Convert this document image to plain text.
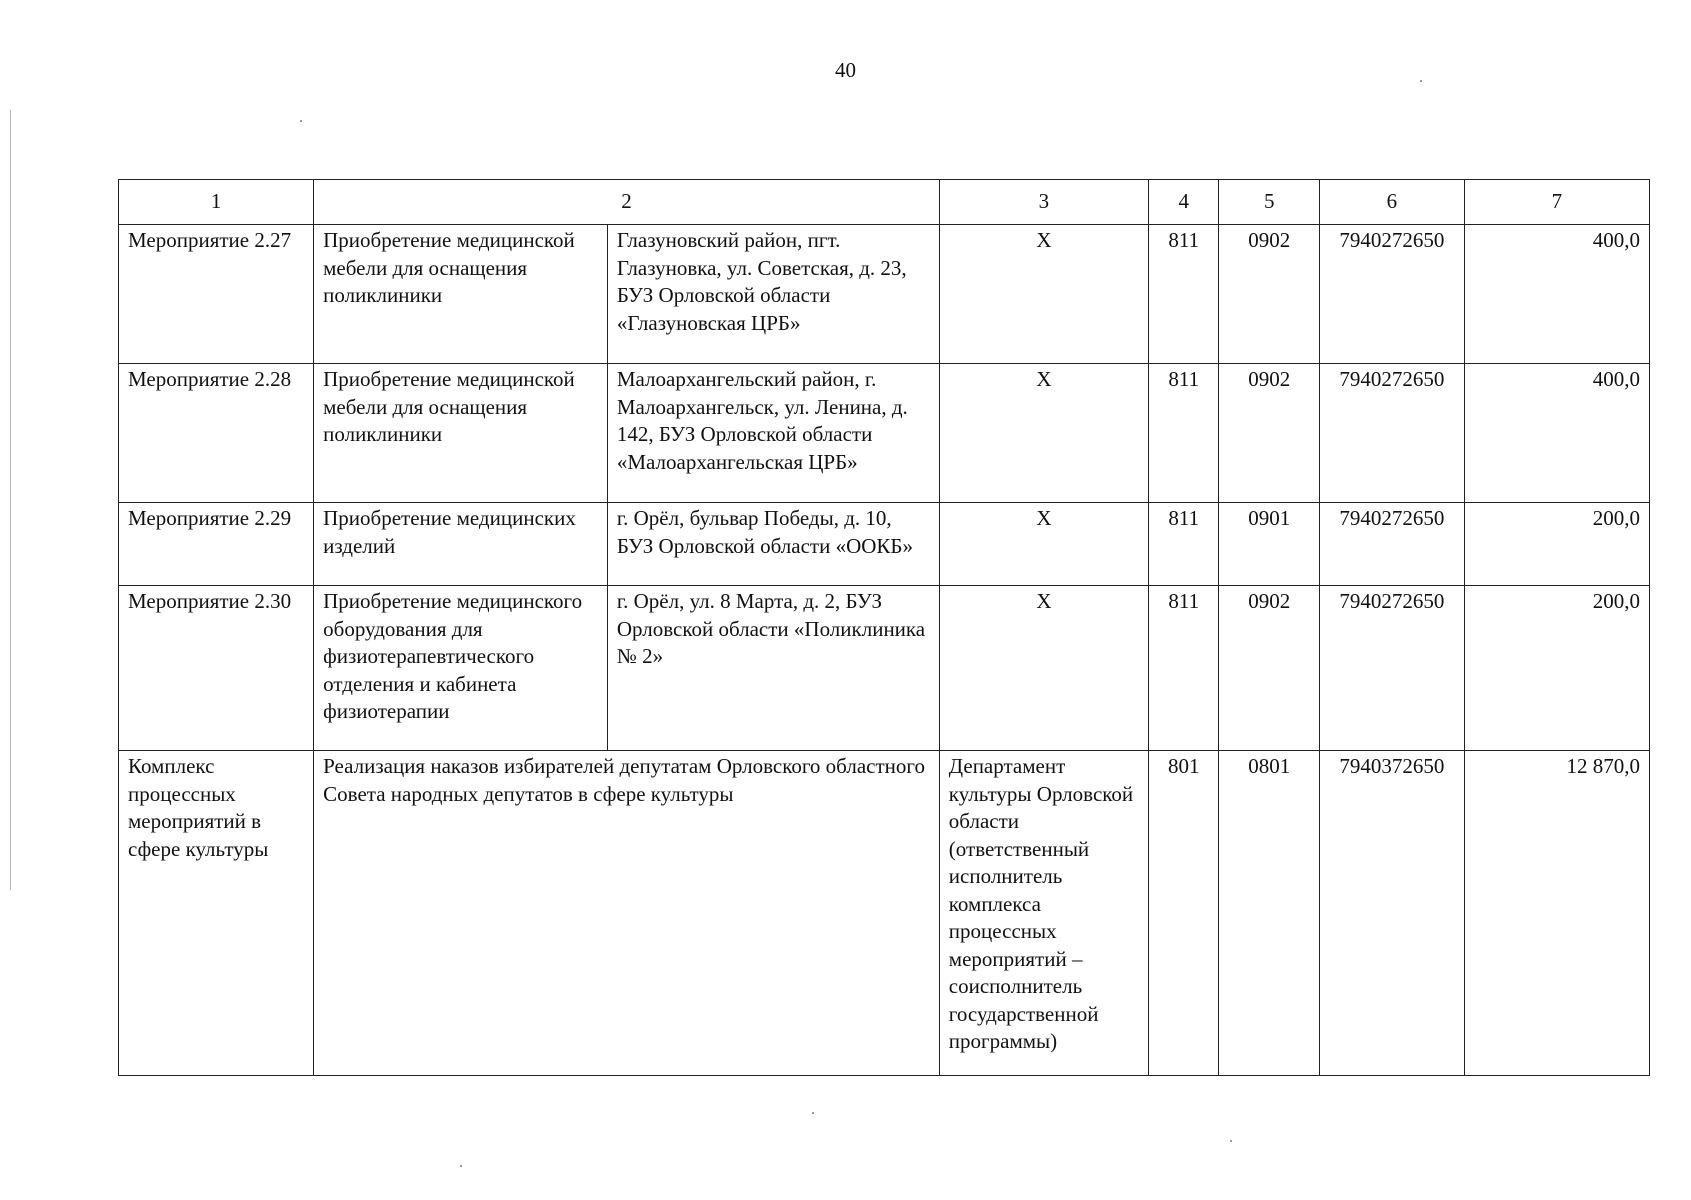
40
1	2		3	4	5	6	7
Мероприятие 2.27	Приобретение медицинской мебели для оснащения поликлиники	Глазуновский район, пгт. Глазуновка, ул. Советская, д. 23, БУЗ Орловской области «Глазуновская ЦРБ»	Х	811	0902	7940272650	400,0
Мероприятие 2.28	Приобретение медицинской мебели для оснащения поликлиники	Малоархангельский район, г. Малоархангельск, ул. Ленина, д. 142, БУЗ Орловской области «Малоархангельская ЦРБ»	Х	811	0902	7940272650	400,0
Мероприятие 2.29	Приобретение медицинских изделий	г. Орёл, бульвар Победы, д. 10, БУЗ Орловской области «ООКБ»	Х	811	0901	7940272650	200,0
Мероприятие 2.30	Приобретение медицинского оборудования для физиотерапевтического отделения и кабинета физиотерапии	г. Орёл, ул. 8 Марта, д. 2, БУЗ Орловской области «Поликлиника № 2»	Х	811	0902	7940272650	200,0
Комплекс процессных мероприятий в сфере культуры	Реализация наказов избирателей депутатам Орловского областного Совета народных депутатов в сфере культуры		Департамент культуры Орловской области (ответственный исполнитель комплекса процессных мероприятий – соисполнитель государственной программы)	801	0801	7940372650	12 870,0
